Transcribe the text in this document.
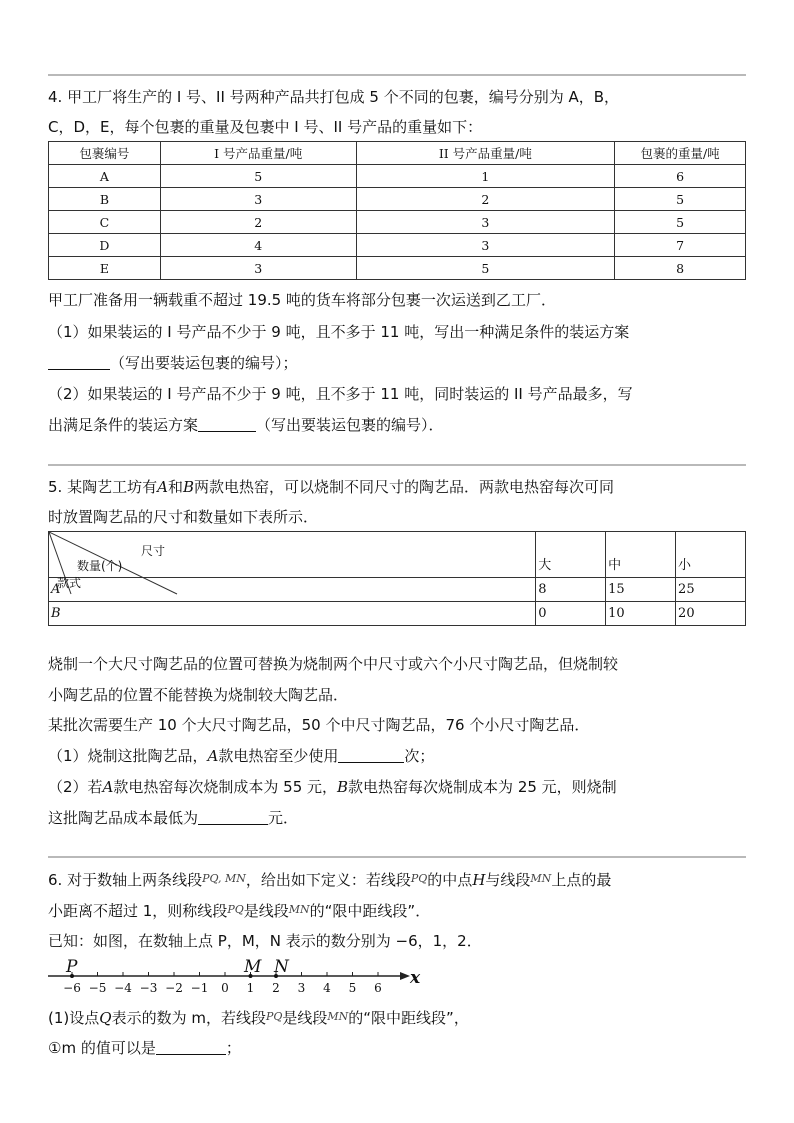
4. 甲工厂将生产的 I 号、II 号两种产品共打包成 5 个不同的包裹，编号分别为 A，B，
C，D，E，每个包裹的重量及包裹中 I 号、II 号产品的重量如下：
包裹编号	I 号产品重量/吨	II 号产品重量/吨	包裹的重量/吨
A	5	1	6
B	3	2	5
C	2	3	5
D	4	3	7
E	3	5	8
甲工厂准备用一辆载重不超过 19.5 吨的货车将部分包裹一次运送到乙工厂．
（1）如果装运的 I 号产品不少于 9 吨，且不多于 11 吨，写出一种满足条件的装运方案
（写出要装运包裹的编号）；
（2）如果装运的 I 号产品不少于 9 吨，且不多于 11 吨，同时装运的 II 号产品最多，写
出满足条件的装运方案	（写出要装运包裹的编号）．
5. 某陶艺工坊有A和B两款电热窑，可以烧制不同尺寸的陶艺品．两款电热窑每次可同
时放置陶艺品的尺寸和数量如下表所示．
尺寸
数量(个)
款式	大	中	小
A	8	15	25
B	0	10	20
烧制一个大尺寸陶艺品的位置可替换为烧制两个中尺寸或六个小尺寸陶艺品，但烧制较
小陶艺品的位置不能替换为烧制较大陶艺品．
某批次需要生产 10 个大尺寸陶艺品，50 个中尺寸陶艺品，76 个小尺寸陶艺品．
（1）烧制这批陶艺品，A款电热窑至少使用	次；
（2）若A款电热窑每次烧制成本为 55 元，B款电热窑每次烧制成本为 25 元，则烧制
这批陶艺品成本最低为	元．
6. 对于数轴上两条线段$^{PQ, MN}$，给出如下定义：若线段$^{PQ}$的中点H与线段$^{MN}$上点的最
小距离不超过 1，则称线段$^{PQ}$是线段$^{MN}$的“限中距线段”．
已知：如图，在数轴上点 P，M，N 表示的数分别为 −6，1，2．
x
−6 −5 −4 −3 −2 −1 0 1 2 3 4 5 6
P	M N
(1)设点Q表示的数为 m，若线段$^{PQ}$是线段$^{MN}$的“限中距线段”，
①m 的值可以是	；
